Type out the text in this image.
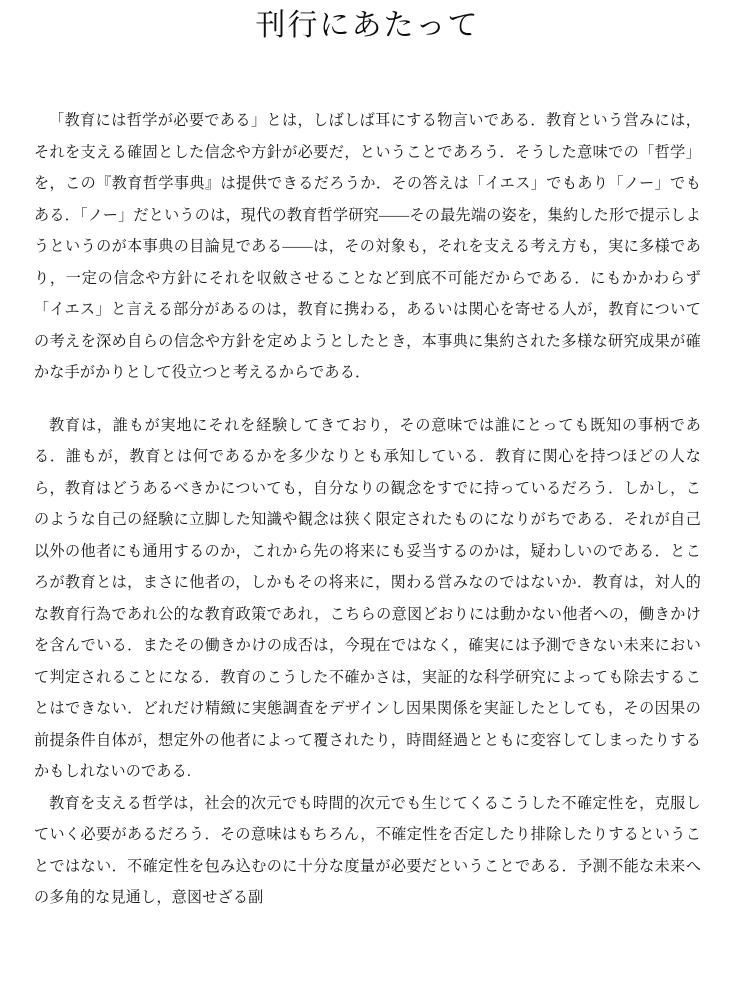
刊行にあたって

「教育には哲学が必要である」とは，しばしば耳にする物言いである．教育という営みには，それを支える確固とした信念や方針が必要だ，ということであろう．そうした意味での「哲学」を，この『教育哲学事典』は提供できるだろうか．その答えは「イエス」でもあり「ノー」でもある．「ノー」だというのは，現代の教育哲学研究——その最先端の姿を，集約した形で提示しようというのが本事典の目論見である——は，その対象も，それを支える考え方も，実に多様であり，一定の信念や方針にそれを収斂させることなど到底不可能だからである．にもかかわらず「イエス」と言える部分があるのは，教育に携わる，あるいは関心を寄せる人が，教育についての考えを深め自らの信念や方針を定めようとしたとき，本事典に集約された多様な研究成果が確かな手がかりとして役立つと考えるからである．

教育は，誰もが実地にそれを経験してきており，その意味では誰にとっても既知の事柄である．誰もが，教育とは何であるかを多少なりとも承知している．教育に関心を持つほどの人なら，教育はどうあるべきかについても，自分なりの観念をすでに持っているだろう．しかし，このような自己の経験に立脚した知識や観念は狭く限定されたものになりがちである．それが自己以外の他者にも通用するのか，これから先の将来にも妥当するのかは，疑わしいのである．ところが教育とは，まさに他者の，しかもその将来に，関わる営みなのではないか．教育は，対人的な教育行為であれ公的な教育政策であれ，こちらの意図どおりには動かない他者への，働きかけを含んでいる．またその働きかけの成否は，今現在ではなく，確実には予測できない未来において判定されることになる．教育のこうした不確かさは，実証的な科学研究によっても除去することはできない．どれだけ精緻に実態調査をデザインし因果関係を実証したとしても，その因果の前提条件自体が，想定外の他者によって覆されたり，時間経過とともに変容してしまったりするかもしれないのである.

教育を支える哲学は，社会的次元でも時間的次元でも生じてくるこうした不確定性を，克服していく必要があるだろう．その意味はもちろん，不確定性を否定したり排除したりするということではない．不確定性を包み込むのに十分な度量が必要だということである．予測不能な未来への多角的な見通し，意図せざる副
